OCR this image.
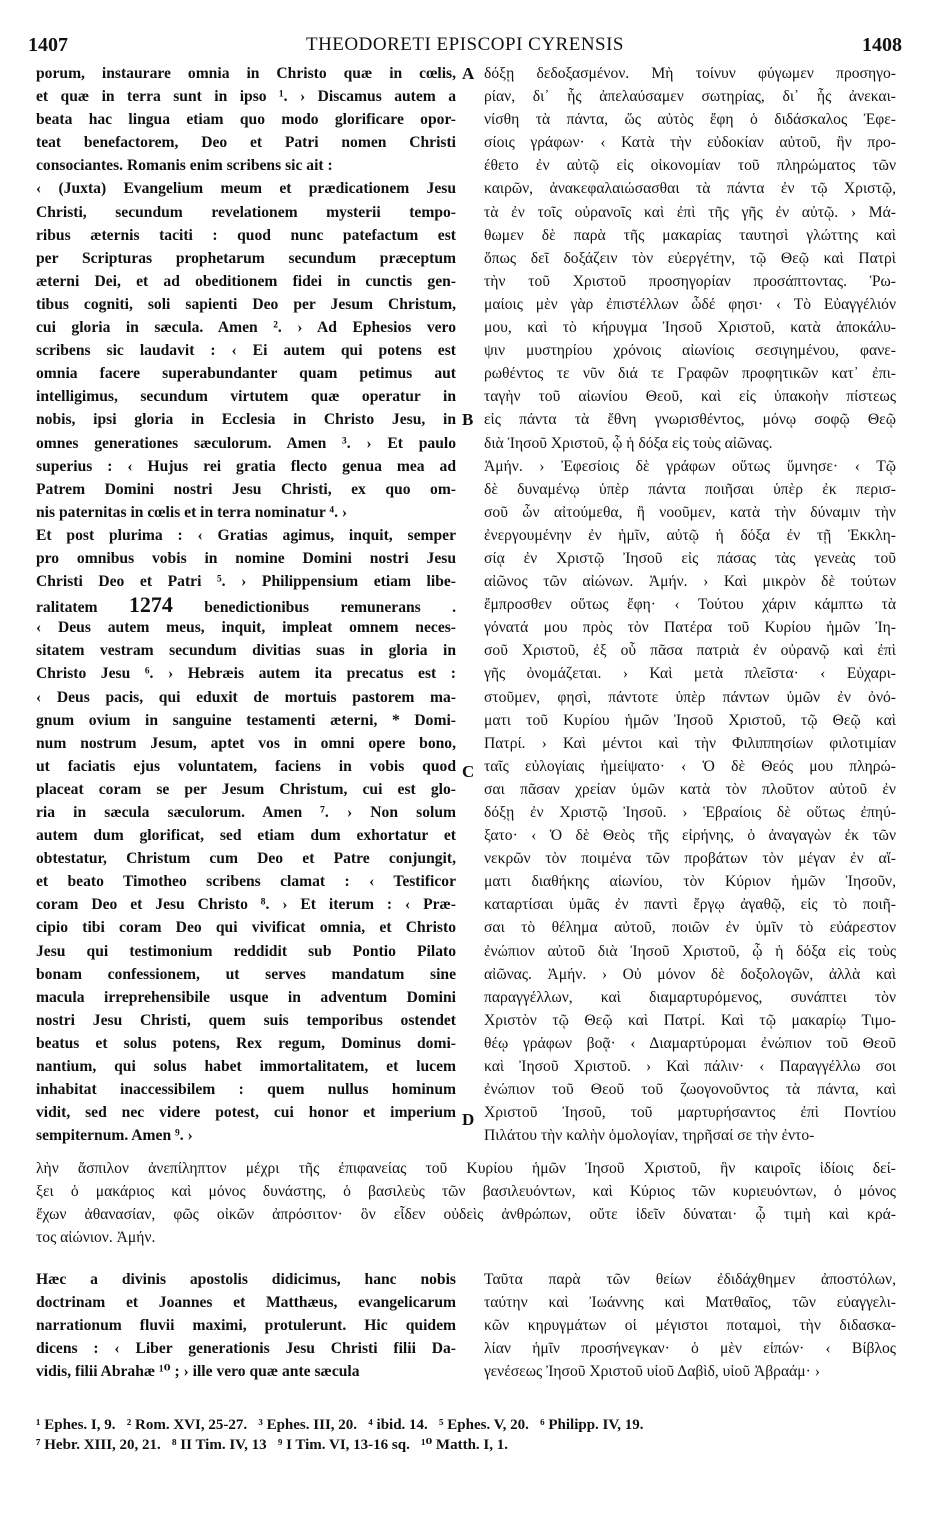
1407	THEODORETI EPISCOPI CYRENSIS	1408
porum, instaurare omnia in Christo quæ in cœlis,
et quæ in terra sunt in ipso ¹. › Discamus autem a
beata hac lingua etiam quo modo glorificare opor-
teat benefactorem, Deo et Patri nomen Christi
consociantes. Romanis enim scribens sic ait :
‹ (Juxta) Evangelium meum et prædicationem Jesu
Christi, secundum revelationem mysterii tempo-
ribus æternis taciti : quod nunc patefactum est
per Scripturas prophetarum secundum præceptum
æterni Dei, et ad obeditionem fidei in cunctis gen-
tibus cogniti, soli sapienti Deo per Jesum Christum,
cui gloria in sæcula. Amen ². › Ad Ephesios vero
scribens sic laudavit : ‹ Ei autem qui potens est
omnia facere superabundanter quam petimus aut
intelligimus, secundum virtutem quæ operatur in
nobis, ipsi gloria in Ecclesia in Christo Jesu, in
omnes generationes sæculorum. Amen ³. › Et paulo
superius : ‹ Hujus rei gratia flecto genua mea ad
Patrem Domini nostri Jesu Christi, ex quo om-
nis paternitas in cœlis et in terra nominatur ⁴. ›
Et post plurima : ‹ Gratias agimus, inquit, semper
pro omnibus vobis in nomine Domini nostri Jesu
Christi Deo et Patri ⁵. › Philippensium etiam libe-
ralitatem 1274 benedictionibus remunerans .
‹ Deus autem meus, inquit, impleat omnem neces-
sitatem vestram secundum divitias suas in gloria in
Christo Jesu ⁶. › Hebræis autem ita precatus est :
‹ Deus pacis, qui eduxit de mortuis pastorem ma-
gnum ovium in sanguine testamenti æterni, * Domi-
num nostrum Jesum, aptet vos in omni opere bono,
ut faciatis ejus voluntatem, faciens in vobis quod
placeat coram se per Jesum Christum, cui est glo-
ria in sæcula sæculorum. Amen ⁷. › Non solum
autem dum glorificat, sed etiam dum exhortatur et
obtestatur, Christum cum Deo et Patre conjungit,
et beato Timotheo scribens clamat : ‹ Testificor
coram Deo et Jesu Christo ⁸. › Et iterum : ‹ Præ-
cipio tibi coram Deo qui vivificat omnia, et Christo
Jesu qui testimonium reddidit sub Pontio Pilato
bonam confessionem, ut serves mandatum sine
macula irreprehensibile usque in adventum Domini
nostri Jesu Christi, quem suis temporibus ostendet
beatus et solus potens, Rex regum, Dominus domi-
nantium, qui solus habet immortalitatem, et lucem
inhabitat inaccessibilem : quem nullus hominum
vidit, sed nec videre potest, cui honor et imperium
sempiternum. Amen ⁹. ›
δόξῃ δεδοξασμένον. Μὴ τοίνυν φύγωμεν προσηγο-
ρίαν, δι᾽ ἧς ἀπελαύσαμεν σωτηρίας, δι᾽ ἧς ἀνεκαι-
νίσθη τὰ πάντα, ὥς αὐτὸς ἔφη ὁ διδάσκαλος Ἐφε-
σίοις γράφων· ‹ Κατὰ τὴν εὐδοκίαν αὐτοῦ, ἣν προ-
έθετο ἐν αὐτῷ εἰς οἰκονομίαν τοῦ πληρώματος τῶν
καιρῶν, ἀνακεφαλαιώσασθαι τὰ πάντα ἐν τῷ Χριστῷ,
τὰ ἐν τοῖς οὐρανοῖς καὶ ἐπὶ τῆς γῆς ἐν αὐτῷ. › Μά-
θωμεν δὲ παρὰ τῆς μακαρίας ταυτησὶ γλώττης καὶ
ὅπως δεῖ δοξάζειν τὸν εὐεργέτην, τῷ Θεῷ καὶ Πατρὶ
τὴν τοῦ Χριστοῦ προσηγορίαν προσάπτοντας. Ῥω-
μαίοις μὲν γὰρ ἐπιστέλλων ὧδέ φησι· ‹ Τὸ Εὐαγγέλιόν
μου, καὶ τὸ κήρυγμα Ἰησοῦ Χριστοῦ, κατὰ ἀποκάλυ-
ψιν μυστηρίου χρόνοις αἰωνίοις σεσιγημένου, φανε-
ρωθέντος τε νῦν διά τε Γραφῶν προφητικῶν κατ᾽ ἐπι-
ταγὴν τοῦ αἰωνίου Θεοῦ, καὶ εἰς ὑπακοὴν πίστεως
εἰς πάντα τὰ ἔθνη γνωρισθέντος, μόνῳ σοφῷ Θεῷ
διὰ Ἰησοῦ Χριστοῦ, ᾧ ἡ δόξα εἰς τοὺς αἰῶνας.
Ἀμήν. › Ἐφεσίοις δὲ γράφων οὕτως ὕμνησε· ‹ Τῷ
δὲ δυναμένῳ ὑπὲρ πάντα ποιῆσαι ὑπὲρ ἐκ περισ-
σοῦ ὧν αἰτούμεθα, ἢ νοοῦμεν, κατὰ τὴν δύναμιν τὴν
ἐνεργουμένην ἐν ἡμῖν, αὐτῷ ἡ δόξα ἐν τῇ Ἐκκλη-
σίᾳ ἐν Χριστῷ Ἰησοῦ εἰς πάσας τὰς γενεὰς τοῦ
αἰῶνος τῶν αἰώνων. Ἀμήν. › Καὶ μικρὸν δὲ τούτων
ἔμπροσθεν οὕτως ἔφη· ‹ Τούτου χάριν κάμπτω τὰ
γόνατά μου πρὸς τὸν Πατέρα τοῦ Κυρίου ἡμῶν Ἰη-
σοῦ Χριστοῦ, ἐξ οὗ πᾶσα πατριὰ ἐν οὐρανῷ καὶ ἐπὶ
γῆς ὀνομάζεται. › Καὶ μετὰ πλεῖστα· ‹ Εὐχαρι-
στοῦμεν, φησὶ, πάντοτε ὑπὲρ πάντων ὑμῶν ἐν ὀνό-
ματι τοῦ Κυρίου ἡμῶν Ἰησοῦ Χριστοῦ, τῷ Θεῷ καὶ
Πατρί. › Καὶ μέντοι καὶ τὴν Φιλιππησίων φιλοτιμίαν
ταῖς εὐλογίαις ἠμείψατο· ‹ Ὁ δὲ Θεός μου πληρώ-
σαι πᾶσαν χρείαν ὑμῶν κατὰ τὸν πλοῦτον αὐτοῦ ἐν
δόξῃ ἐν Χριστῷ Ἰησοῦ. › Ἑβραίοις δὲ οὕτως ἐπηύ-
ξατο· ‹ Ὁ δὲ Θεὸς τῆς εἰρήνης, ὁ ἀναγαγὼν ἐκ τῶν
νεκρῶν τὸν ποιμένα τῶν προβάτων τὸν μέγαν ἐν αἵ-
ματι διαθήκης αἰωνίου, τὸν Κύριον ἡμῶν Ἰησοῦν,
καταρτίσαι ὑμᾶς ἐν παντὶ ἔργῳ ἀγαθῷ, εἰς τὸ ποιῆ-
σαι τὸ θέλημα αὐτοῦ, ποιῶν ἐν ὑμῖν τὸ εὐάρεστον
ἐνώπιον αὐτοῦ διὰ Ἰησοῦ Χριστοῦ, ᾧ ἡ δόξα εἰς τοὺς
αἰῶνας. Ἀμήν. › Οὐ μόνον δὲ δοξολογῶν, ἀλλὰ καὶ
παραγγέλλων, καὶ διαμαρτυρόμενος, συνάπτει τὸν
Χριστὸν τῷ Θεῷ καὶ Πατρί. Καὶ τῷ μακαρίῳ Τιμο-
θέῳ γράφων βοᾷ· ‹ Διαμαρτύρομαι ἐνώπιον τοῦ Θεοῦ
καὶ Ἰησοῦ Χριστοῦ. › Καὶ πάλιν· ‹ Παραγγέλλω σοι
ἐνώπιον τοῦ Θεοῦ τοῦ ζωογονοῦντος τὰ πάντα, καὶ
Χριστοῦ Ἰησοῦ, τοῦ μαρτυρήσαντος ἐπὶ Ποντίου
Πιλάτου τὴν καλὴν ὁμολογίαν, τηρῆσαί σε τὴν ἐντο-
A
B
C
D
λὴν ἄσπιλον ἀνεπίληπτον μέχρι τῆς ἐπιφανείας τοῦ Κυρίου ἡμῶν Ἰησοῦ Χριστοῦ, ἣν καιροῖς ἰδίοις δεί-
ξει ὁ μακάριος καὶ μόνος δυνάστης, ὁ βασιλεὺς τῶν βασιλευόντων, καὶ Κύριος τῶν κυριευόντων, ὁ μόνος
ἔχων ἀθανασίαν, φῶς οἰκῶν ἀπρόσιτον· ὃν εἶδεν οὐδεὶς ἀνθρώπων, οὔτε ἰδεῖν δύναται· ᾧ τιμὴ καὶ κρά-
τος αἰώνιον. Ἀμήν.
Hæc a divinis apostolis didicimus, hanc nobis
doctrinam et Joannes et Matthæus, evangelicarum
narrationum fluvii maximi, protulerunt. Hic quidem
dicens : ‹ Liber generationis Jesu Christi filii Da-
vidis, filii Abrahæ ¹⁰ ; › ille vero quæ ante sæcula
Ταῦτα παρὰ τῶν θείων ἐδιδάχθημεν ἀποστόλων,
ταύτην καὶ Ἰωάννης καὶ Ματθαῖος, τῶν εὐαγγελι-
κῶν κηρυγμάτων οἱ μέγιστοι ποταμοὶ, τὴν διδασκα-
λίαν ἡμῖν προσήνεγκαν· ὁ μὲν εἰπών· ‹ Βίβλος
γενέσεως Ἰησοῦ Χριστοῦ υἱοῦ Δαβὶδ, υἱοῦ Ἀβραάμ· ›
¹ Ephes. I, 9.   ² Rom. XVI, 25-27.   ³ Ephes. III, 20.   ⁴ ibid. 14.   ⁵ Ephes. V, 20.   ⁶ Philipp. IV, 19.
⁷ Hebr. XIII, 20, 21.   ⁸ II Tim. IV, 13   ⁹ I Tim. VI, 13-16 sq.   ¹⁰ Matth. I, 1.
